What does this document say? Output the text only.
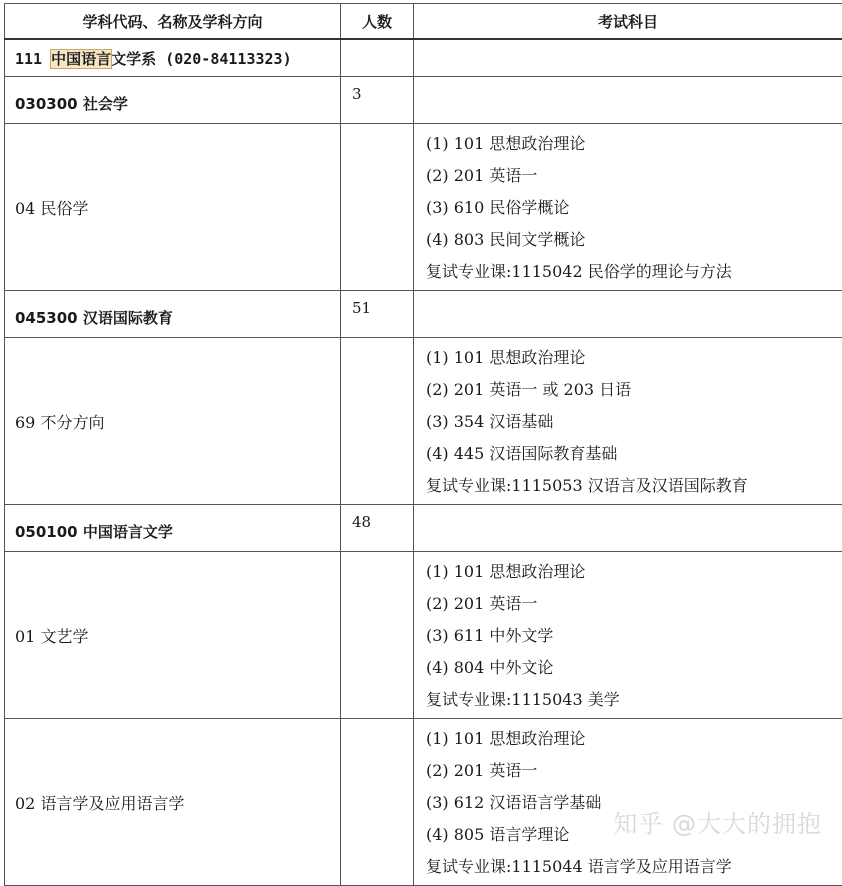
学科代码、名称及学科方向	人数	考试科目
111 中国语言文学系 (020-84113323)		
030300 社会学	3	
04 民俗学		(1) 101 思想政治理论
(2) 201 英语一
(3) 610 民俗学概论
(4) 803 民间文学概论
复试专业课:1115042 民俗学的理论与方法

045300 汉语国际教育	51	
69 不分方向		(1) 101 思想政治理论
(2) 201 英语一 或 203 日语
(3) 354 汉语基础
(4) 445 汉语国际教育基础
复试专业课:1115053 汉语言及汉语国际教育

050100 中国语言文学	48	
01 文艺学		(1) 101 思想政治理论
(2) 201 英语一
(3) 611 中外文学
(4) 804 中外文论
复试专业课:1115043 美学

02 语言学及应用语言学		(1) 101 思想政治理论
(2) 201 英语一
(3) 612 汉语语言学基础
(4) 805 语言学理论
复试专业课:1115044 语言学及应用语言学
知乎 @大大的拥抱
